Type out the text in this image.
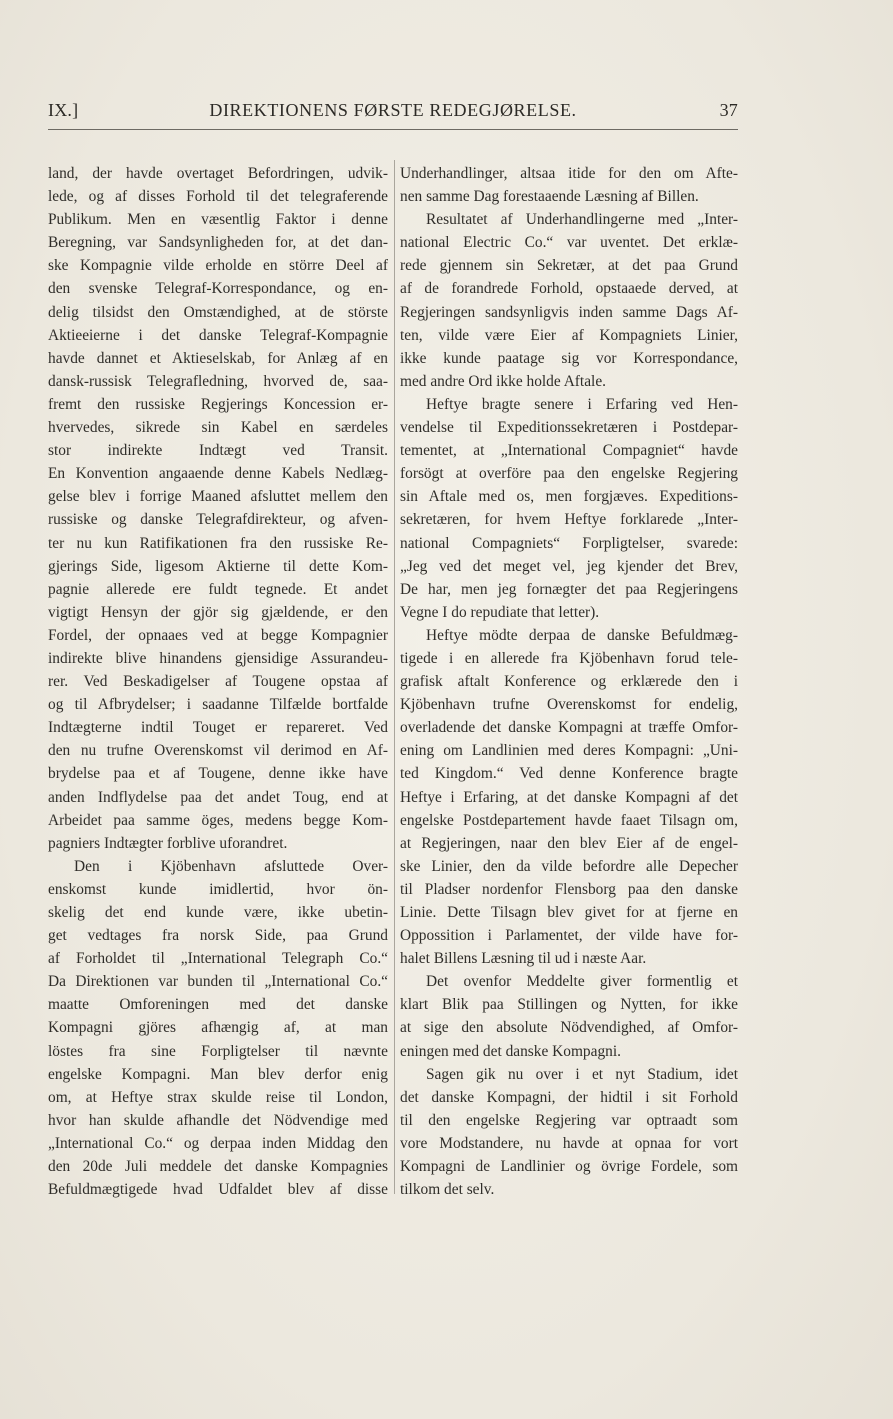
IX.]	DIREKTIONENS FØRSTE REDEGJØRELSE.	37
land, der havde overtaget Befordringen, udvik-
lede, og af disses Forhold til det telegraferende
Publikum. Men en væsentlig Faktor i denne
Beregning, var Sandsynligheden for, at det dan-
ske Kompagnie vilde erholde en större Deel af
den svenske Telegraf-Korrespondance, og en-
delig tilsidst den Omstændighed, at de störste
Aktieeierne i det danske Telegraf-Kompagnie
havde dannet et Aktieselskab, for Anlæg af en
dansk-russisk Telegrafledning, hvorved de, saa-
fremt den russiske Regjerings Koncession er-
hvervedes, sikrede sin Kabel en særdeles
stor indirekte Indtægt ved Transit.
En Konvention angaaende denne Kabels Nedlæg-
gelse blev i forrige Maaned afsluttet mellem den
russiske og danske Telegrafdirekteur, og afven-
ter nu kun Ratifikationen fra den russiske Re-
gjerings Side, ligesom Aktierne til dette Kom-
pagnie allerede ere fuldt tegnede. Et andet
vigtigt Hensyn der gjör sig gjældende, er den
Fordel, der opnaaes ved at begge Kompagnier
indirekte blive hinandens gjensidige Assurandeu-
rer. Ved Beskadigelser af Tougene opstaa af
og til Afbrydelser; i saadanne Tilfælde bortfalde
Indtægterne indtil Touget er repareret. Ved
den nu trufne Overenskomst vil derimod en Af-
brydelse paa et af Tougene, denne ikke have
anden Indflydelse paa det andet Toug, end at
Arbeidet paa samme öges, medens begge Kom-
pagniers Indtægter forblive uforandret.
Den i Kjöbenhavn afsluttede Over-
enskomst kunde imidlertid, hvor ön-
skelig det end kunde være, ikke ubetin-
get vedtages fra norsk Side, paa Grund
af Forholdet til „International Telegraph Co.“
Da Direktionen var bunden til „International Co.“
maatte Omforeningen med det danske
Kompagni gjöres afhængig af, at man
löstes fra sine Forpligtelser til nævnte
engelske Kompagni. Man blev derfor enig
om, at Heftye strax skulde reise til London,
hvor han skulde afhandle det Nödvendige med
„International Co.“ og derpaa inden Middag den
den 20de Juli meddele det danske Kompagnies
Befuldmægtigede hvad Udfaldet blev af disse
Underhandlinger, altsaa itide for den om Afte-
nen samme Dag forestaaende Læsning af Billen.
Resultatet af Underhandlingerne med „Inter-
national Electric Co.“ var uventet. Det erklæ-
rede gjennem sin Sekretær, at det paa Grund
af de forandrede Forhold, opstaaede derved, at
Regjeringen sandsynligvis inden samme Dags Af-
ten, vilde være Eier af Kompagniets Linier,
ikke kunde paatage sig vor Korrespondance,
med andre Ord ikke holde Aftale.
Heftye bragte senere i Erfaring ved Hen-
vendelse til Expeditionssekretæren i Postdepar-
tementet, at „International Compagniet“ havde
forsögt at overföre paa den engelske Regjering
sin Aftale med os, men forgjæves. Expeditions-
sekretæren, for hvem Heftye forklarede „Inter-
national Compagniets“ Forpligtelser, svarede:
„Jeg ved det meget vel, jeg kjender det Brev,
De har, men jeg fornægter det paa Regjeringens
Vegne I do repudiate that letter).
Heftye mödte derpaa de danske Befuldmæg-
tigede i en allerede fra Kjöbenhavn forud tele-
grafisk aftalt Konference og erklærede den i
Kjöbenhavn trufne Overenskomst for endelig,
overladende det danske Kompagni at træffe Omfor-
ening om Landlinien med deres Kompagni: „Uni-
ted Kingdom.“ Ved denne Konference bragte
Heftye i Erfaring, at det danske Kompagni af det
engelske Postdepartement havde faaet Tilsagn om,
at Regjeringen, naar den blev Eier af de engel-
ske Linier, den da vilde befordre alle Depecher
til Pladser nordenfor Flensborg paa den danske
Linie. Dette Tilsagn blev givet for at fjerne en
Oppossition i Parlamentet, der vilde have for-
halet Billens Læsning til ud i næste Aar.
Det ovenfor Meddelte giver formentlig et
klart Blik paa Stillingen og Nytten, for ikke
at sige den absolute Nödvendighed, af Omfor-
eningen med det danske Kompagni.
Sagen gik nu over i et nyt Stadium, idet
det danske Kompagni, der hidtil i sit Forhold
til den engelske Regjering var optraadt som
vore Modstandere, nu havde at opnaa for vort
Kompagni de Landlinier og övrige Fordele, som
tilkom det selv.
